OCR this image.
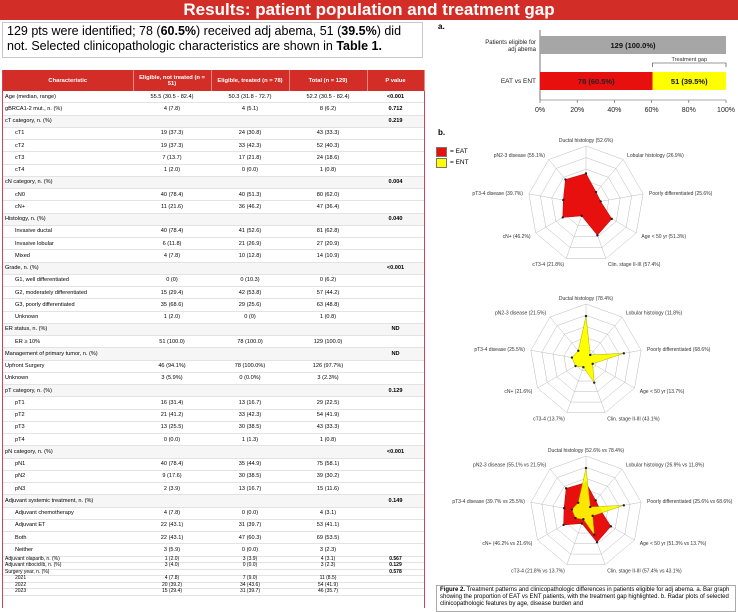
Results: patient population and treatment gap
129 pts were identified; 78 (60.5%) received adj abema, 51 (39.5%) did not. Selected clinicopathologic characteristics are shown in Table 1.
Characteristic	Eligible, not treated (n = 51)	Eligible, treated (n = 78)	Total (n = 129)	P value
Age (median, range)	55.5 (30.5 - 82.4)	50.3 (31.8 - 72.7)	52.2 (30.5 - 82.4)	<0.001
gBRCA1-2 mut., n. (%)	4 (7.8)	4 (5.1)	8 (6.2)	0.712
cT category, n. (%)				0.219
cT1	19 (37.3)	24 (30.8)	43 (33.3)	
cT2	19 (37.3)	33 (42.3)	52 (40.3)	
cT3	7 (13.7)	17 (21.8)	24 (18.6)	
cT4	1 (2.0)	0 (0.0)	1 (0.8)	
cN category, n. (%)				0.004
cN0	40 (78.4)	40 (51.3)	80 (62.0)	
cN+	11 (21.6)	36 (46.2)	47 (36.4)	
Histology, n. (%)				0.040
Invasive ductal	40 (78.4)	41 (52.6)	81 (62.8)	
Invasive lobular	6 (11.8)	21 (26.9)	27 (20.9)	
Mixed	4 (7.8)	10 (12.8)	14 (10.9)	
Grade, n. (%)				<0.001
G1, well differentiated	0 (0)	0 (10.3)	0 (6.2)	
G2, moderately differentiated	15 (29.4)	42 (53.8)	57 (44.2)	
G3, poorly differentiated	35 (68.6)	29 (25.6)	63 (48.8)	
Unknown	1 (2.0)	0 (0)	1 (0.8)	
ER status, n. (%)				ND
ER ≥ 10%	51 (100.0)	78 (100.0)	129 (100.0)	
Management of primary tumor, n. (%)				ND
Upfront Surgery	46 (94.1%)	78 (100.0%)	126 (97.7%)	
Unknown	3 (5.9%)	0 (0.0%)	3 (2.3%)	
pT category, n. (%)				0.129
pT1	16 (31.4)	13 (16.7)	29 (22.5)	
pT2	21 (41.2)	33 (42.3)	54 (41.9)	
pT3	13 (25.5)	30 (38.5)	43 (33.3)	
pT4	0 (0.0)	1 (1.3)	1 (0.8)	
pN category, n. (%)				<0.001
pN1	40 (78.4)	35 (44.9)	75 (58.1)	
pN2	9 (17.6)	30 (38.5)	39 (30.2)	
pN3	2 (3.9)	13 (16.7)	15 (11.6)	
Adjuvant systemic treatment, n. (%)				0.149
Adjuvant chemotherapy	4 (7.8)	0 (0.0)	4 (3.1)	
Adjuvant ET	22 (43.1)	31 (39.7)	53 (41.1)	
Both	22 (43.1)	47 (60.3)	69 (53.5)	
Neither	3 (5.9)	0 (0.0)	3 (2.3)	
Adjuvant olaparib, n. (%)	1 (2.0)	3 (3.9)	4 (3.1)	0.567
Adjuvant ribociclib, n. (%)	3 (4.0)	0 (0.0)	3 (2.3)	0.129
Surgery year, n. (%)				0.578
2021	4 (7.8)	7 (9.0)	11 (8.5)	
2022	20 (39.2)	34 (43.6)	54 (41.9)	
2023	15 (29.4)	31 (39.7)	46 (35.7)	
a.
Patients eligible for adj abema
EAT vs ENT
129 (100.0%)
78 (60.5%)	51 (39.5%)
Treatment gap
0%	20%	40%	60%	80%	100%
b.
= EAT
= ENT
Ductal histology (52.6%)
Lobular histology (26.9%)
Poorly differentiated (25.6%)
Age < 50 yr (51.3%)
Clin. stage II-III (57.4%)
cT3-4 (21.8%)
cN+ (46.2%)
pT3-4 disease (39.7%)
pN2-3 disease (55.1%)
Ductal histology (78.4%)
Lobular histology (11.8%)
Poorly differentiated (68.6%)
Age < 50 yr (13.7%)
Clin. stage II-III (43.1%)
cT3-4 (13.7%)
cN+ (21.6%)
pT3-4 disease (25.5%)
pN2-3 disease (21.5%)
Ductal histology (52.6% vs 78.4%)
Lobular histology (26.9% vs 11.8%)
Poorly differentiated (25.6% vs 68.6%)
Age < 50 yr (51.3% vs 13.7%)
Clin. stage II-III (57.4% vs 43.1%)
cT3-4 (21.8% vs 13.7%)
cN+ (46.2% vs 21.6%)
pT3-4 disease (39.7% vs 25.5%)
pN2-3 disease (55.1% vs 21.5%)
Figure 2. Treatment patterns and clinicopathologic differences in patients eligible for adj abema. a. Bar graph showing the proportion of EAT vs ENT patients, with the treatment gap highlighted. b. Radar plots of selected clinicopathologic features by age, disease burden and
